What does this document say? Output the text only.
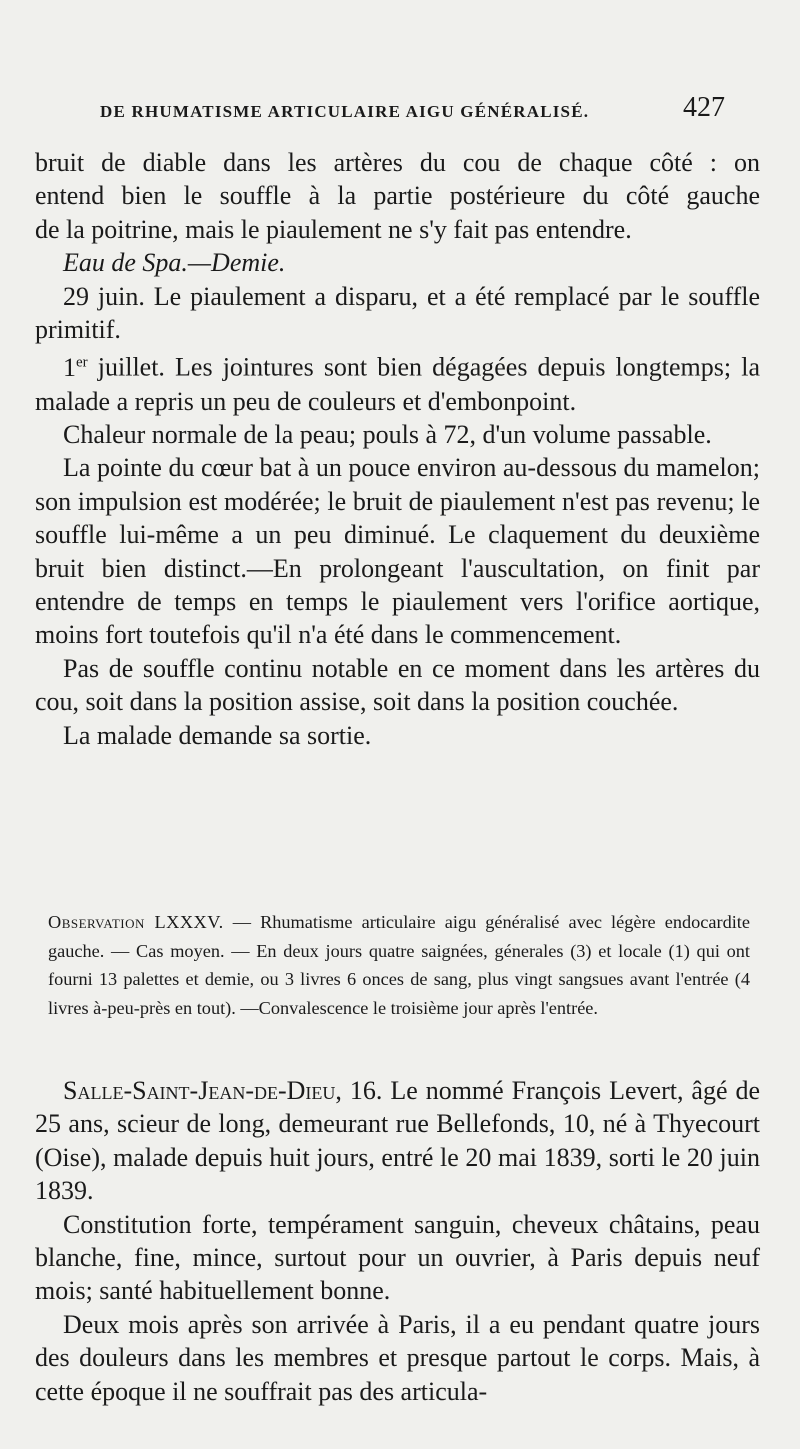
DE RHUMATISME ARTICULAIRE AIGU GÉNÉRALISÉ.	427

bruit de diable dans les artères du cou de chaque côté : on

entend bien le souffle à la partie postérieure du côté gauche

de la poitrine, mais le piaulement ne s'y fait pas entendre.

Eau de Spa.—Demie.

29 juin. Le piaulement a disparu, et a été remplacé par le souffle primitif.

1er juillet. Les jointures sont bien dégagées depuis longtemps; la malade a repris un peu de couleurs et d'embonpoint.

Chaleur normale de la peau; pouls à 72, d'un volume passable.

La pointe du cœur bat à un pouce environ au-dessous du mamelon; son impulsion est modérée; le bruit de piaulement n'est pas revenu; le souffle lui-même a un peu diminué. Le claquement du deuxième bruit bien distinct.—En prolongeant l'auscultation, on finit par entendre de temps en temps le piaulement vers l'orifice aortique, moins fort toutefois qu'il n'a été dans le commencement.

Pas de souffle continu notable en ce moment dans les artères du cou, soit dans la position assise, soit dans la position couchée.

La malade demande sa sortie.

Observation LXXXV. — Rhumatisme articulaire aigu généralisé avec légère endocardite gauche. — Cas moyen. — En deux jours quatre saignées, génerales (3) et locale (1) qui ont fourni 13 palettes et demie, ou 3 livres 6 onces de sang, plus vingt sangsues avant l'entrée (4 livres à-peu-près en tout). —Convalescence le troisième jour après l'entrée.

Salle-Saint-Jean-de-Dieu, 16. Le nommé François Levert, âgé de 25 ans, scieur de long, demeurant rue Bellefonds, 10, né à Thyecourt (Oise), malade depuis huit jours, entré le 20 mai 1839, sorti le 20 juin 1839.

Constitution forte, tempérament sanguin, cheveux châtains, peau blanche, fine, mince, surtout pour un ouvrier, à Paris depuis neuf mois; santé habituellement bonne.

Deux mois après son arrivée à Paris, il a eu pendant quatre jours des douleurs dans les membres et presque partout le corps. Mais, à cette époque il ne souffrait pas des articula-
